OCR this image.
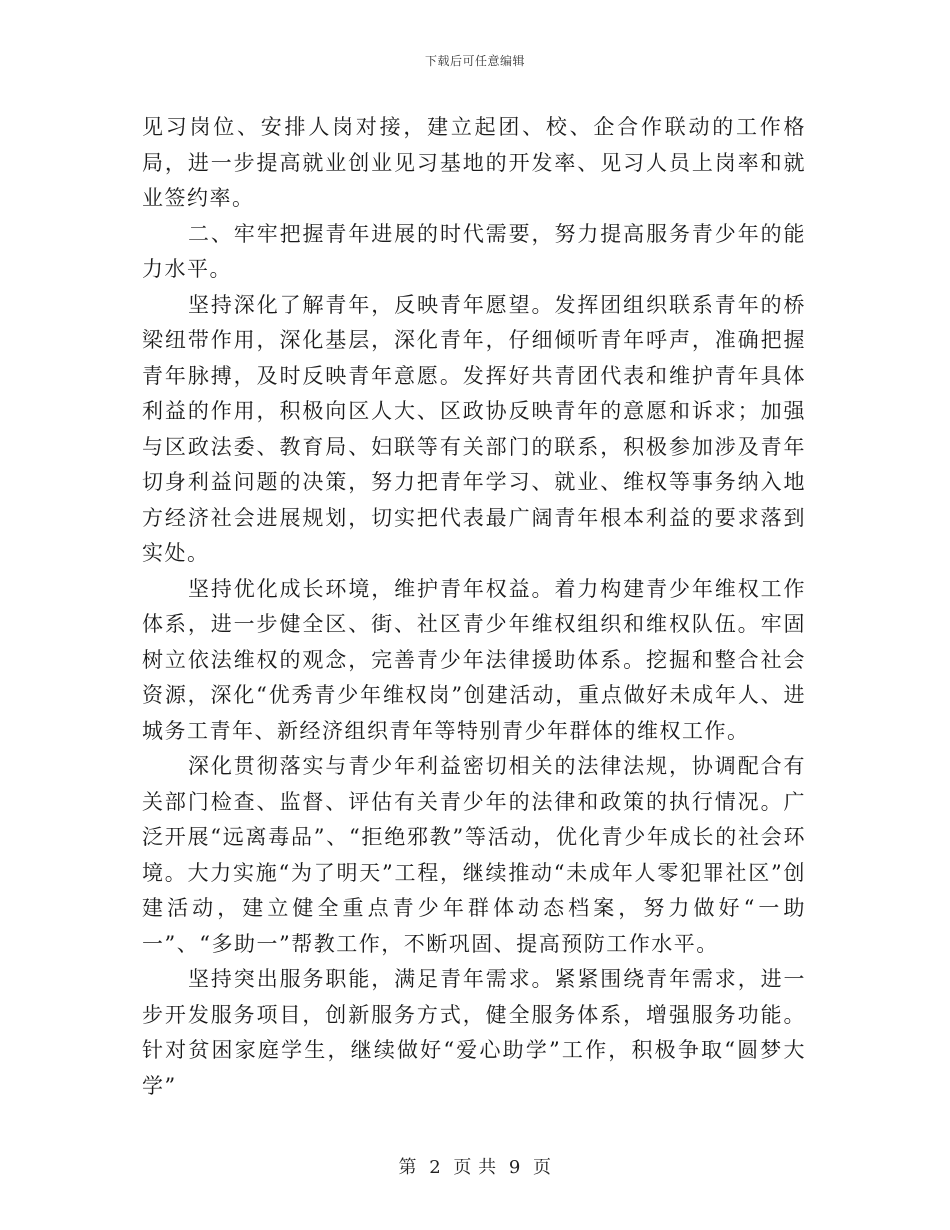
下载后可任意编辑

见习岗位、安排人岗对接，建立起团、校、企合作联动的工作格局，进一步提高就业创业见习基地的开发率、见习人员上岗率和就业签约率。

二、牢牢把握青年进展的时代需要，努力提高服务青少年的能力水平。

坚持深化了解青年，反映青年愿望。发挥团组织联系青年的桥梁纽带作用，深化基层，深化青年，仔细倾听青年呼声，准确把握青年脉搏，及时反映青年意愿。发挥好共青团代表和维护青年具体利益的作用，积极向区人大、区政协反映青年的意愿和诉求；加强与区政法委、教育局、妇联等有关部门的联系，积极参加涉及青年切身利益问题的决策，努力把青年学习、就业、维权等事务纳入地方经济社会进展规划，切实把代表最广阔青年根本利益的要求落到实处。

坚持优化成长环境，维护青年权益。着力构建青少年维权工作体系，进一步健全区、街、社区青少年维权组织和维权队伍。牢固树立依法维权的观念，完善青少年法律援助体系。挖掘和整合社会资源，深化“优秀青少年维权岗”创建活动，重点做好未成年人、进城务工青年、新经济组织青年等特别青少年群体的维权工作。

深化贯彻落实与青少年利益密切相关的法律法规，协调配合有关部门检查、监督、评估有关青少年的法律和政策的执行情况。广泛开展“远离毒品”、“拒绝邪教”等活动，优化青少年成长的社会环境。大力实施“为了明天”工程，继续推动“未成年人零犯罪社区”创建活动，建立健全重点青少年群体动态档案，努力做好“一助一”、“多助一”帮教工作，不断巩固、提高预防工作水平。

坚持突出服务职能，满足青年需求。紧紧围绕青年需求，进一步开发服务项目，创新服务方式，健全服务体系，增强服务功能。针对贫困家庭学生，继续做好“爱心助学”工作，积极争取“圆梦大学”

第 2 页 共 9 页
